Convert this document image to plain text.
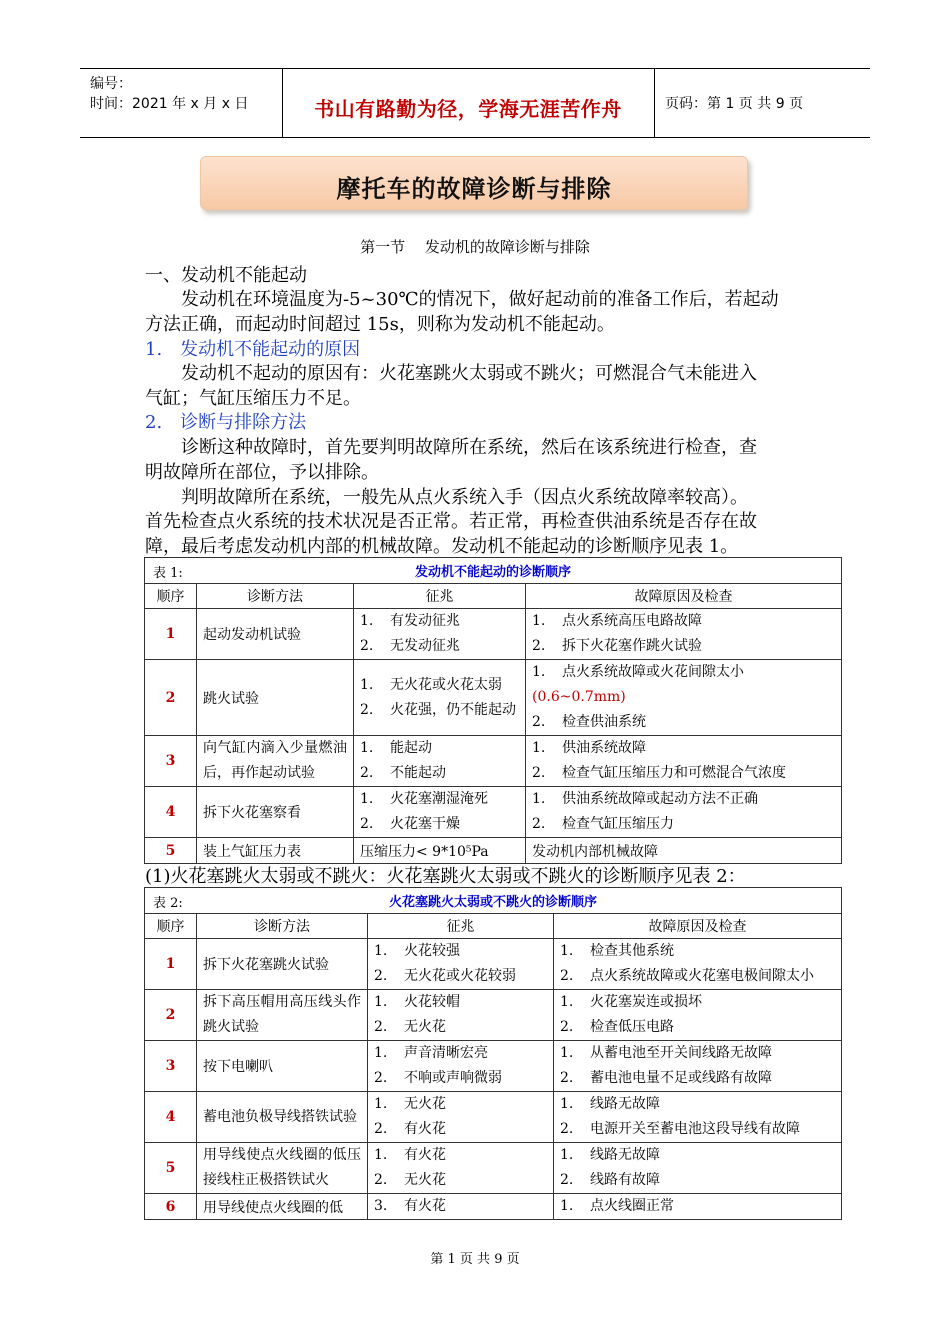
编号：
时间：2021 年 x 月 x 日	书山有路勤为径，学海无涯苦作舟	页码：第 1 页 共 9 页
摩托车的故障诊断与排除
第一节　 发动机的故障诊断与排除
一、发动机不能起动
　　发动机在环境温度为-5~30℃的情况下，做好起动前的准备工作后，若起动
方法正确，而起动时间超过 15s，则称为发动机不能起动。
1.　发动机不能起动的原因
　　发动机不起动的原因有：火花塞跳火太弱或不跳火；可燃混合气未能进入
气缸；气缸压缩压力不足。
2.　诊断与排除方法
　　诊断这种故障时，首先要判明故障所在系统，然后在该系统进行检查，查
明故障所在部位，予以排除。
　　判明故障所在系统，一般先从点火系统入手（因点火系统故障率较高）。
首先检查点火系统的技术状况是否正常。若正常，再检查供油系统是否存在故
障，最后考虑发动机内部的机械故障。发动机不能起动的诊断顺序见表 1。
表 1: 发动机不能起动的诊断顺序			

顺序	诊断方法	征兆	故障原因及检查
1	起动发动机试验	1. 有发动征兆
2. 无发动征兆	1. 点火系统高压电路故障
2. 拆下火花塞作跳火试验

2	跳火试验	1. 无火花或火花太弱
2. 火花强，仍不能起动	1. 点火系统故障或火花间隙太小(0.6~0.7mm)
2. 检查供油系统

3	向气缸内滴入少量燃油后，再作起动试验	1. 能起动
2. 不能起动	1. 供油系统故障
2. 检查气缸压缩压力和可燃混合气浓度

4	拆下火花塞察看	1. 火花塞潮湿淹死
2. 火花塞干燥	1. 供油系统故障或起动方法不正确
2. 检查气缸压缩压力

5	装上气缸压力表	压缩压力< 9*10⁵Pa	发动机内部机械故障
(1)火花塞跳火太弱或不跳火：火花塞跳火太弱或不跳火的诊断顺序见表 2：
表 2: 火花塞跳火太弱或不跳火的诊断顺序			

顺序	诊断方法	征兆	故障原因及检查
1	拆下火花塞跳火试验	1. 火花较强
2. 无火花或火花较弱	1. 检查其他系统
2. 点火系统故障或火花塞电极间隙太小

2	拆下高压帽用高压线头作跳火试验	1. 火花较帽
2. 无火花	1. 火花塞炭连或损坏
2. 检查低压电路

3	按下电喇叭	1. 声音清晰宏亮
2. 不响或声响微弱	1. 从蓄电池至开关间线路无故障
2. 蓄电池电量不足或线路有故障

4	蓄电池负极导线搭铁试验	1. 无火花
2. 有火花	1. 线路无故障
2. 电源开关至蓄电池这段导线有故障

5	用导线使点火线圈的低压接线柱正极搭铁试火	1. 有火花
2. 无火花	1. 线路无故障
2. 线路有故障

6	用导线使点火线圈的低	3. 有火花	1. 点火线圈正常
第 1 页 共 9 页
